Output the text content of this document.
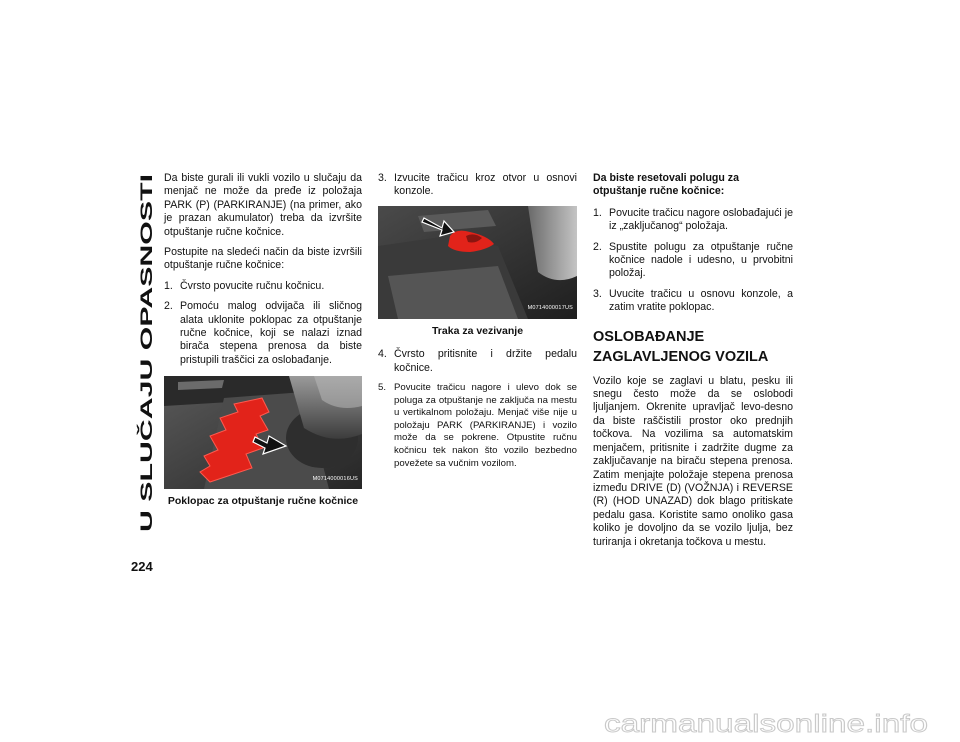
U SLUČAJU OPASNOSTI

Da biste gurali ili vukli vozilo u slučaju da menjač ne može da pređe iz položaja PARK (P) (PARKIRANJE) (na primer, ako je prazan akumulator) treba da izvršite otpuštanje ručne kočnice.

Postupite na sledeći način da biste izvršili otpuštanje ručne kočnice:

1. Čvrsto povucite ručnu kočnicu.
2. Pomoću malog odvijača ili sličnog alata uklonite poklopac za otpuštanje ručne kočnice, koji se nalazi iznad birača stepena prenosa da biste pristupili traščici za oslobađanje.
M0714000016US
Poklopac za otpuštanje ručne kočnice
3. Izvucite tračicu kroz otvor u osnovi konzole.
M0714000017US
Traka za vezivanje
4. Čvrsto pritisnite i držite pedalu kočnice.
5. Povucite tračicu nagore i ulevo dok se poluga za otpuštanje ne zaključa na mestu u vertikalnom položaju. Menjač više nije u položaju PARK (PARKIRANJE) i vozilo može da se pokrene. Otpustite ručnu kočnicu tek nakon što vozilo bezbedno povežete sa vučnim vozilom.
Da biste resetovali polugu za otpuštanje ručne kočnice:
1. Povucite tračicu nagore oslobađajući je iz „zaključanog“ položaja.
2. Spustite polugu za otpuštanje ručne kočnice nadole i udesno, u prvobitni položaj.
3. Uvucite tračicu u osnovu konzole, a zatim vratite poklopac.
OSLOBAĐANJE
ZAGLAVLJENOG VOZILA

Vozilo koje se zaglavi u blatu, pesku ili snegu često može da se oslobodi ljuljanjem. Okrenite upravljač levo-desno da biste raščistili prostor oko prednjih točkova. Na vozilima sa automatskim menjačem, pritisnite i zadržite dugme za zaključavanje na biraču stepena prenosa. Zatim menjajte položaje stepena prenosa između DRIVE (D) (VOŽNJA) i REVERSE (R) (HOD UNAZAD) dok blago pritiskate pedalu gasa. Koristite samo onoliko gasa koliko je dovoljno da se vozilo ljulja, bez turiranja i okretanja točkova u mestu.

224
carmanualsonline.info
